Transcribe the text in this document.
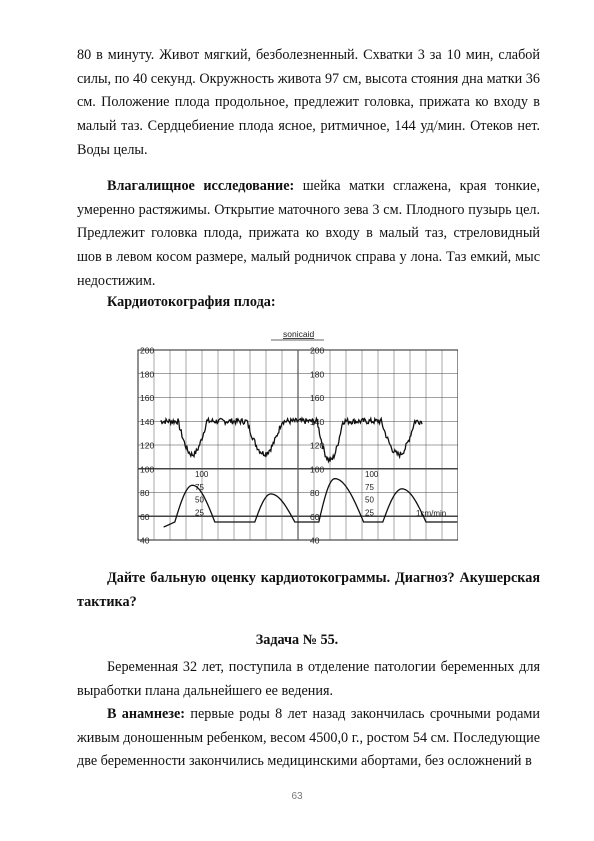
80 в минуту. Живот мягкий, безболезненный. Схватки 3 за 10 мин, слабой силы, по 40 секунд. Окружность живота 97 см, высота стояния дна матки 36 см. Положение плода продольное, предлежит головка, прижата ко входу в малый таз. Сердцебиение плода ясное, ритмичное, 144 уд/мин. Отеков нет. Воды целы.

Влагалищное исследование: шейка матки сглажена, края тонкие, умеренно растяжимы. Открытие маточного зева 3 см. Плодного пузырь цел. Предлежит головка плода, прижата ко входу в малый таз, стреловидный шов в левом косом размере, малый родничок справа у лона. Таз емкий, мыс недостижим.

Кардиотокография плода:

sonicaid
200
180
160
140
120
100
80
60
40
200
180
160
140
120
100
80
60
40
100
75
50
25
100
75
50
25	1cm/min

Дайте бальную оценку кардиотокограммы. Диагноз? Акушерская тактика?

Задача № 55.

Беременная 32 лет, поступила в отделение патологии беременных для выработки плана дальнейшего ее ведения.

В анамнезе: первые роды 8 лет назад закончилась срочными родами живым доношенным ребенком, весом 4500,0 г., ростом 54 см. Последующие две беременности закончились медицинскими абортами, без осложнений в

63
